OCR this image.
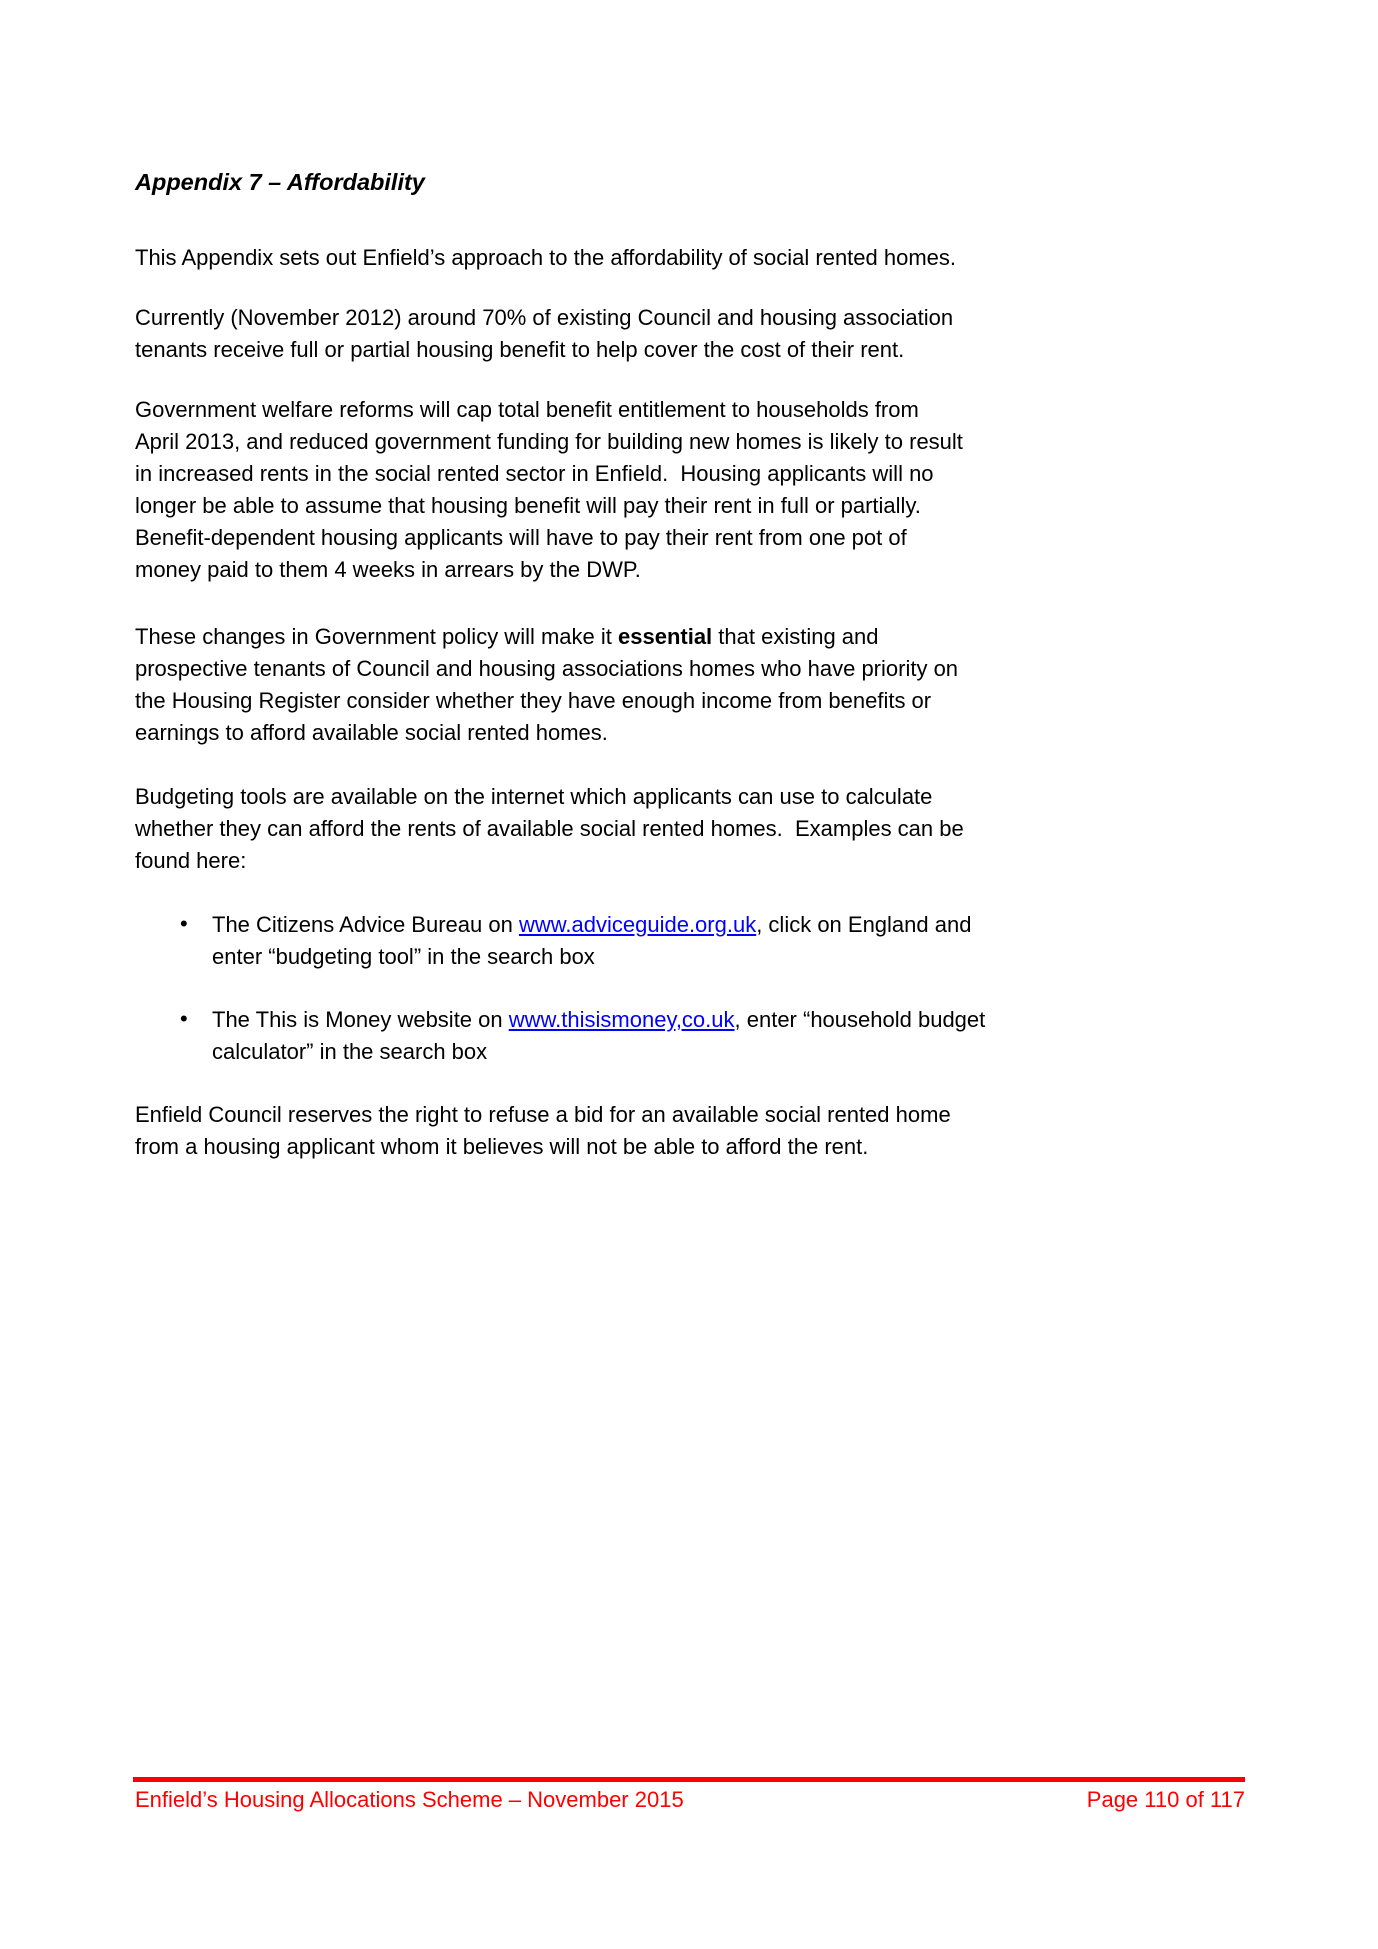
Appendix 7 – Affordability
This Appendix sets out Enfield’s approach to the affordability of social rented homes.
Currently (November 2012) around 70% of existing Council and housing association
tenants receive full or partial housing benefit to help cover the cost of their rent.
Government welfare reforms will cap total benefit entitlement to households from
April 2013, and reduced government funding for building new homes is likely to result
in increased rents in the social rented sector in Enfield.  Housing applicants will no
longer be able to assume that housing benefit will pay their rent in full or partially.
Benefit-dependent housing applicants will have to pay their rent from one pot of
money paid to them 4 weeks in arrears by the DWP.
These changes in Government policy will make it essential that existing and
prospective tenants of Council and housing associations homes who have priority on
the Housing Register consider whether they have enough income from benefits or
earnings to afford available social rented homes.
Budgeting tools are available on the internet which applicants can use to calculate
whether they can afford the rents of available social rented homes.  Examples can be
found here:
•	The Citizens Advice Bureau on www.adviceguide.org.uk, click on England and
enter “budgeting tool” in the search box
•	The This is Money website on www.thisismoney,co.uk, enter “household budget
calculator” in the search box
Enfield Council reserves the right to refuse a bid for an available social rented home
from a housing applicant whom it believes will not be able to afford the rent.
Enfield’s Housing Allocations Scheme – November 2015	Page 110 of 117
